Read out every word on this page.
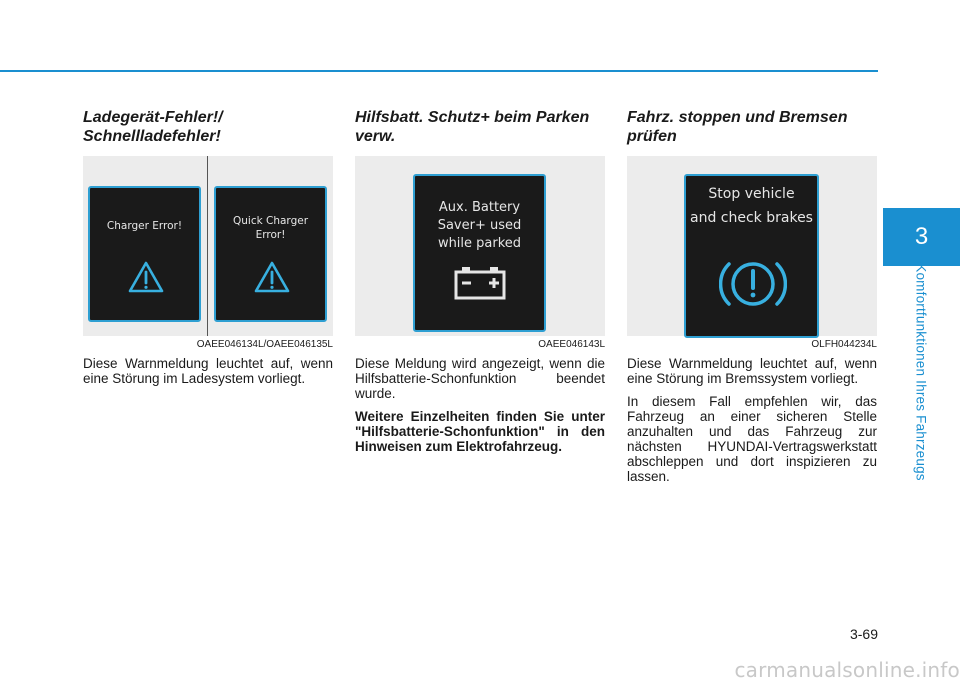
3
Komfortfunktionen Ihres Fahrzeugs
Ladegerät-Fehler!/ Schnellladefehler!
Charger Error!	Quick Charger
Error!
OAEE046134L/OAEE046135L

Diese Warnmeldung leuchtet auf, wenn eine Störung im Ladesystem vorliegt.

Hilfsbatt. Schutz+ beim Parken verw.
Aux. Battery
Saver+ used
while parked
OAEE046143L

Diese Meldung wird angezeigt, wenn die Hilfsbatterie-Schonfunktion beendet wurde.

Weitere Einzelheiten finden Sie unter "Hilfsbatterie-Schonfunktion" in den Hinweisen zum Elektrofahrzeug.

Fahrz. stoppen und Bremsen prüfen
Stop vehicle
and check brakes
OLFH044234L

Diese Warnmeldung leuchtet auf, wenn eine Störung im Bremssystem vorliegt.

In diesem Fall empfehlen wir, das Fahrzeug an einer sicheren Stelle anzuhalten und das Fahrzeug zur nächsten HYUNDAI-Vertragswerkstatt abschleppen und dort inspizieren zu lassen.

3-69
carmanualsonline.info
